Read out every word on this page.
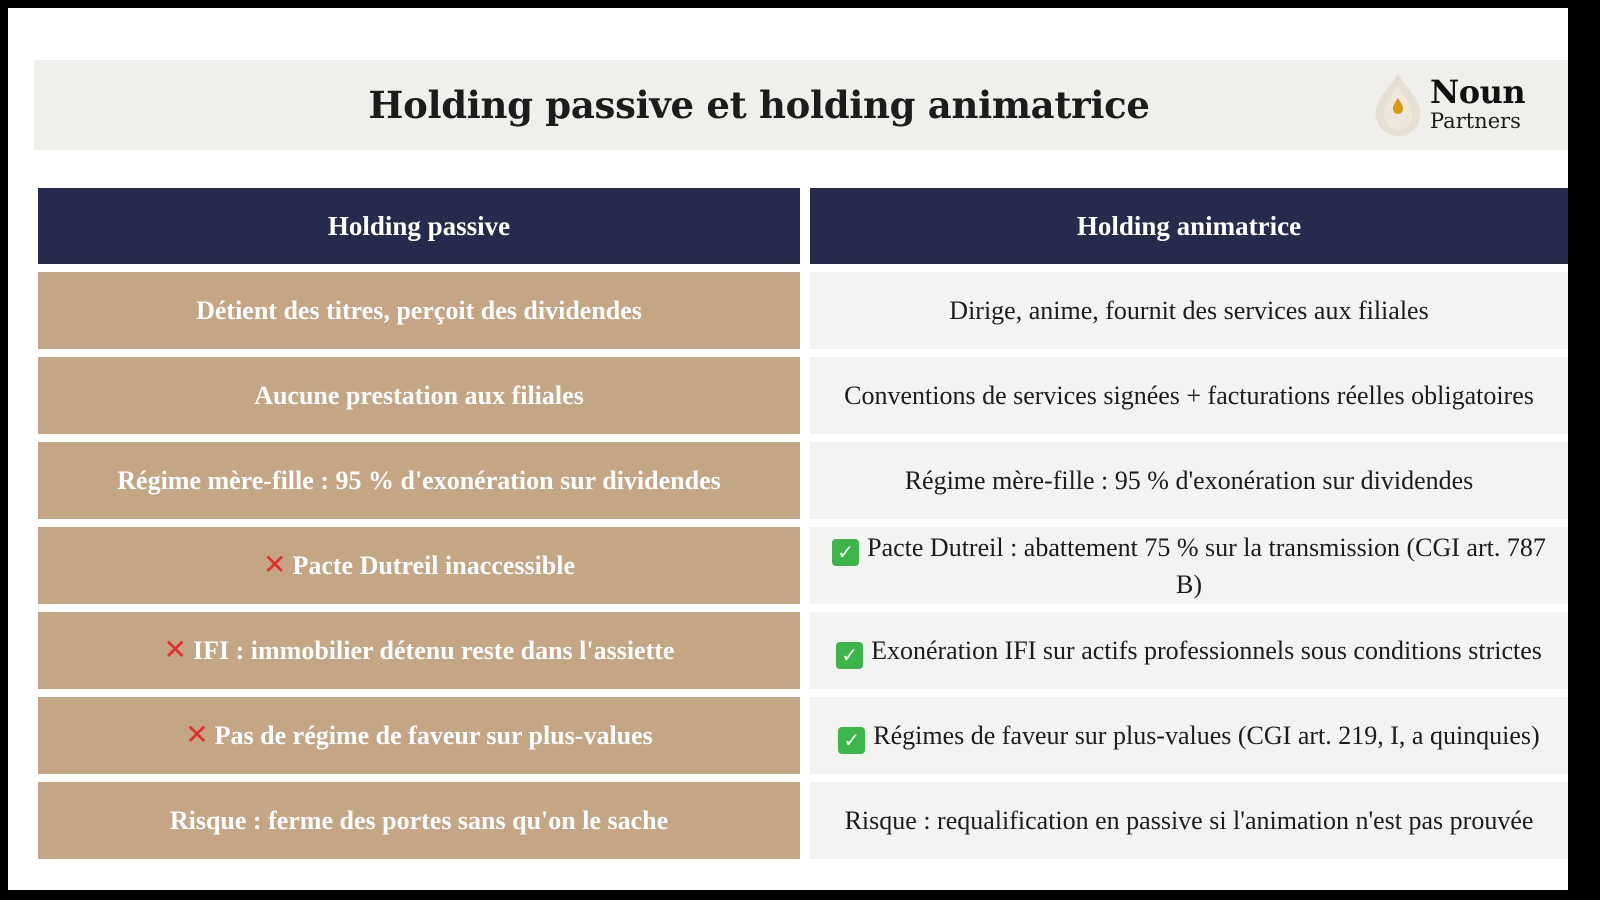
Holding passive et holding animatrice	Noun
Partners
Holding passive	Holding animatrice
Détient des titres, perçoit des dividendes	Dirige, anime, fournit des services aux filiales
Aucune prestation aux filiales	Conventions de services signées + facturations réelles obligatoires
Régime mère-fille : 95 % d'exonération sur dividendes	Régime mère-fille : 95 % d'exonération sur dividendes
✕ Pacte Dutreil inaccessible	✓ Pacte Dutreil : abattement 75 % sur la transmission (CGI art. 787 B)
✕ IFI : immobilier détenu reste dans l'assiette	✓ Exonération IFI sur actifs professionnels sous conditions strictes
✕ Pas de régime de faveur sur plus-values	✓ Régimes de faveur sur plus-values (CGI art. 219, I, a quinquies)
Risque : ferme des portes sans qu'on le sache	Risque : requalification en passive si l'animation n'est pas prouvée
